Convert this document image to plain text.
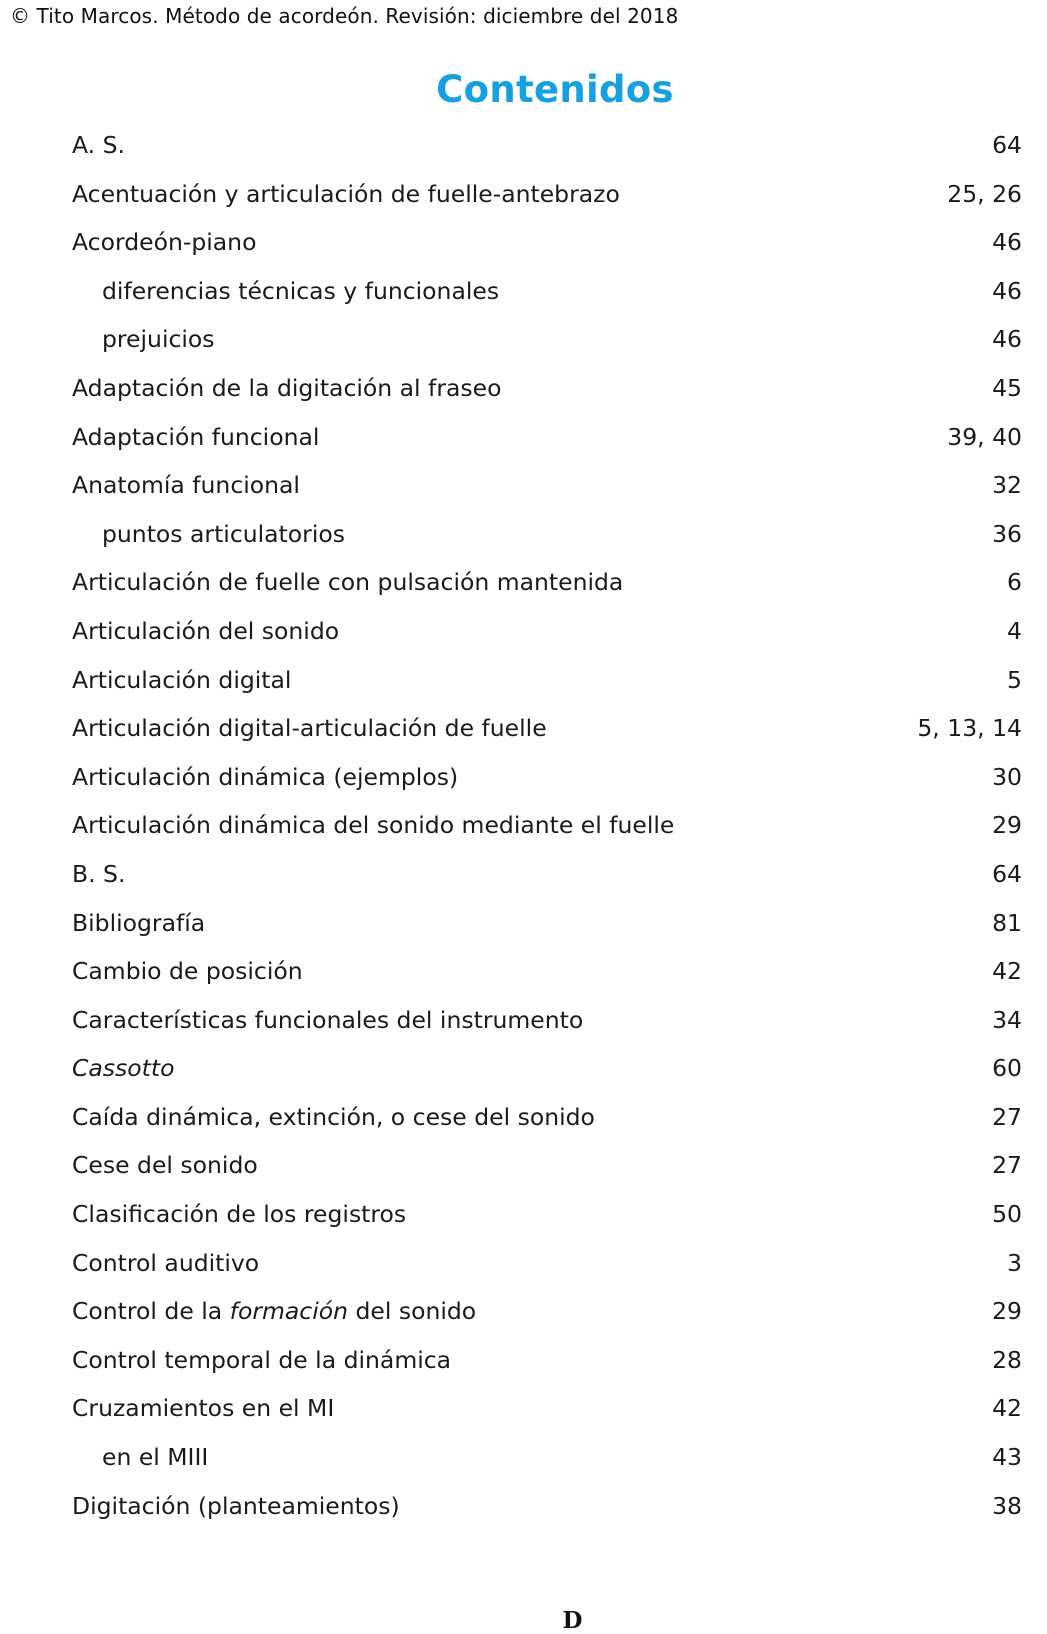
© Tito Marcos. Método de acordeón. Revisión: diciembre del 2018
Contenidos
A. S.	64
Acentuación y articulación de fuelle-antebrazo	25, 26
Acordeón-piano	46
diferencias técnicas y funcionales	46
prejuicios	46
Adaptación de la digitación al fraseo	45
Adaptación funcional	39, 40
Anatomía funcional	32
puntos articulatorios	36
Articulación de fuelle con pulsación mantenida	6
Articulación del sonido	4
Articulación digital	5
Articulación digital-articulación de fuelle	5, 13, 14
Articulación dinámica (ejemplos)	30
Articulación dinámica del sonido mediante el fuelle	29
B. S.	64
Bibliografía	81
Cambio de posición	42
Características funcionales del instrumento	34
Cassotto	60
Caída dinámica, extinción, o cese del sonido	27
Cese del sonido	27
Clasificación de los registros	50
Control auditivo	3
Control de la formación del sonido	29
Control temporal de la dinámica	28
Cruzamientos en el MI	42
en el MIII	43
Digitación (planteamientos)	38
D
